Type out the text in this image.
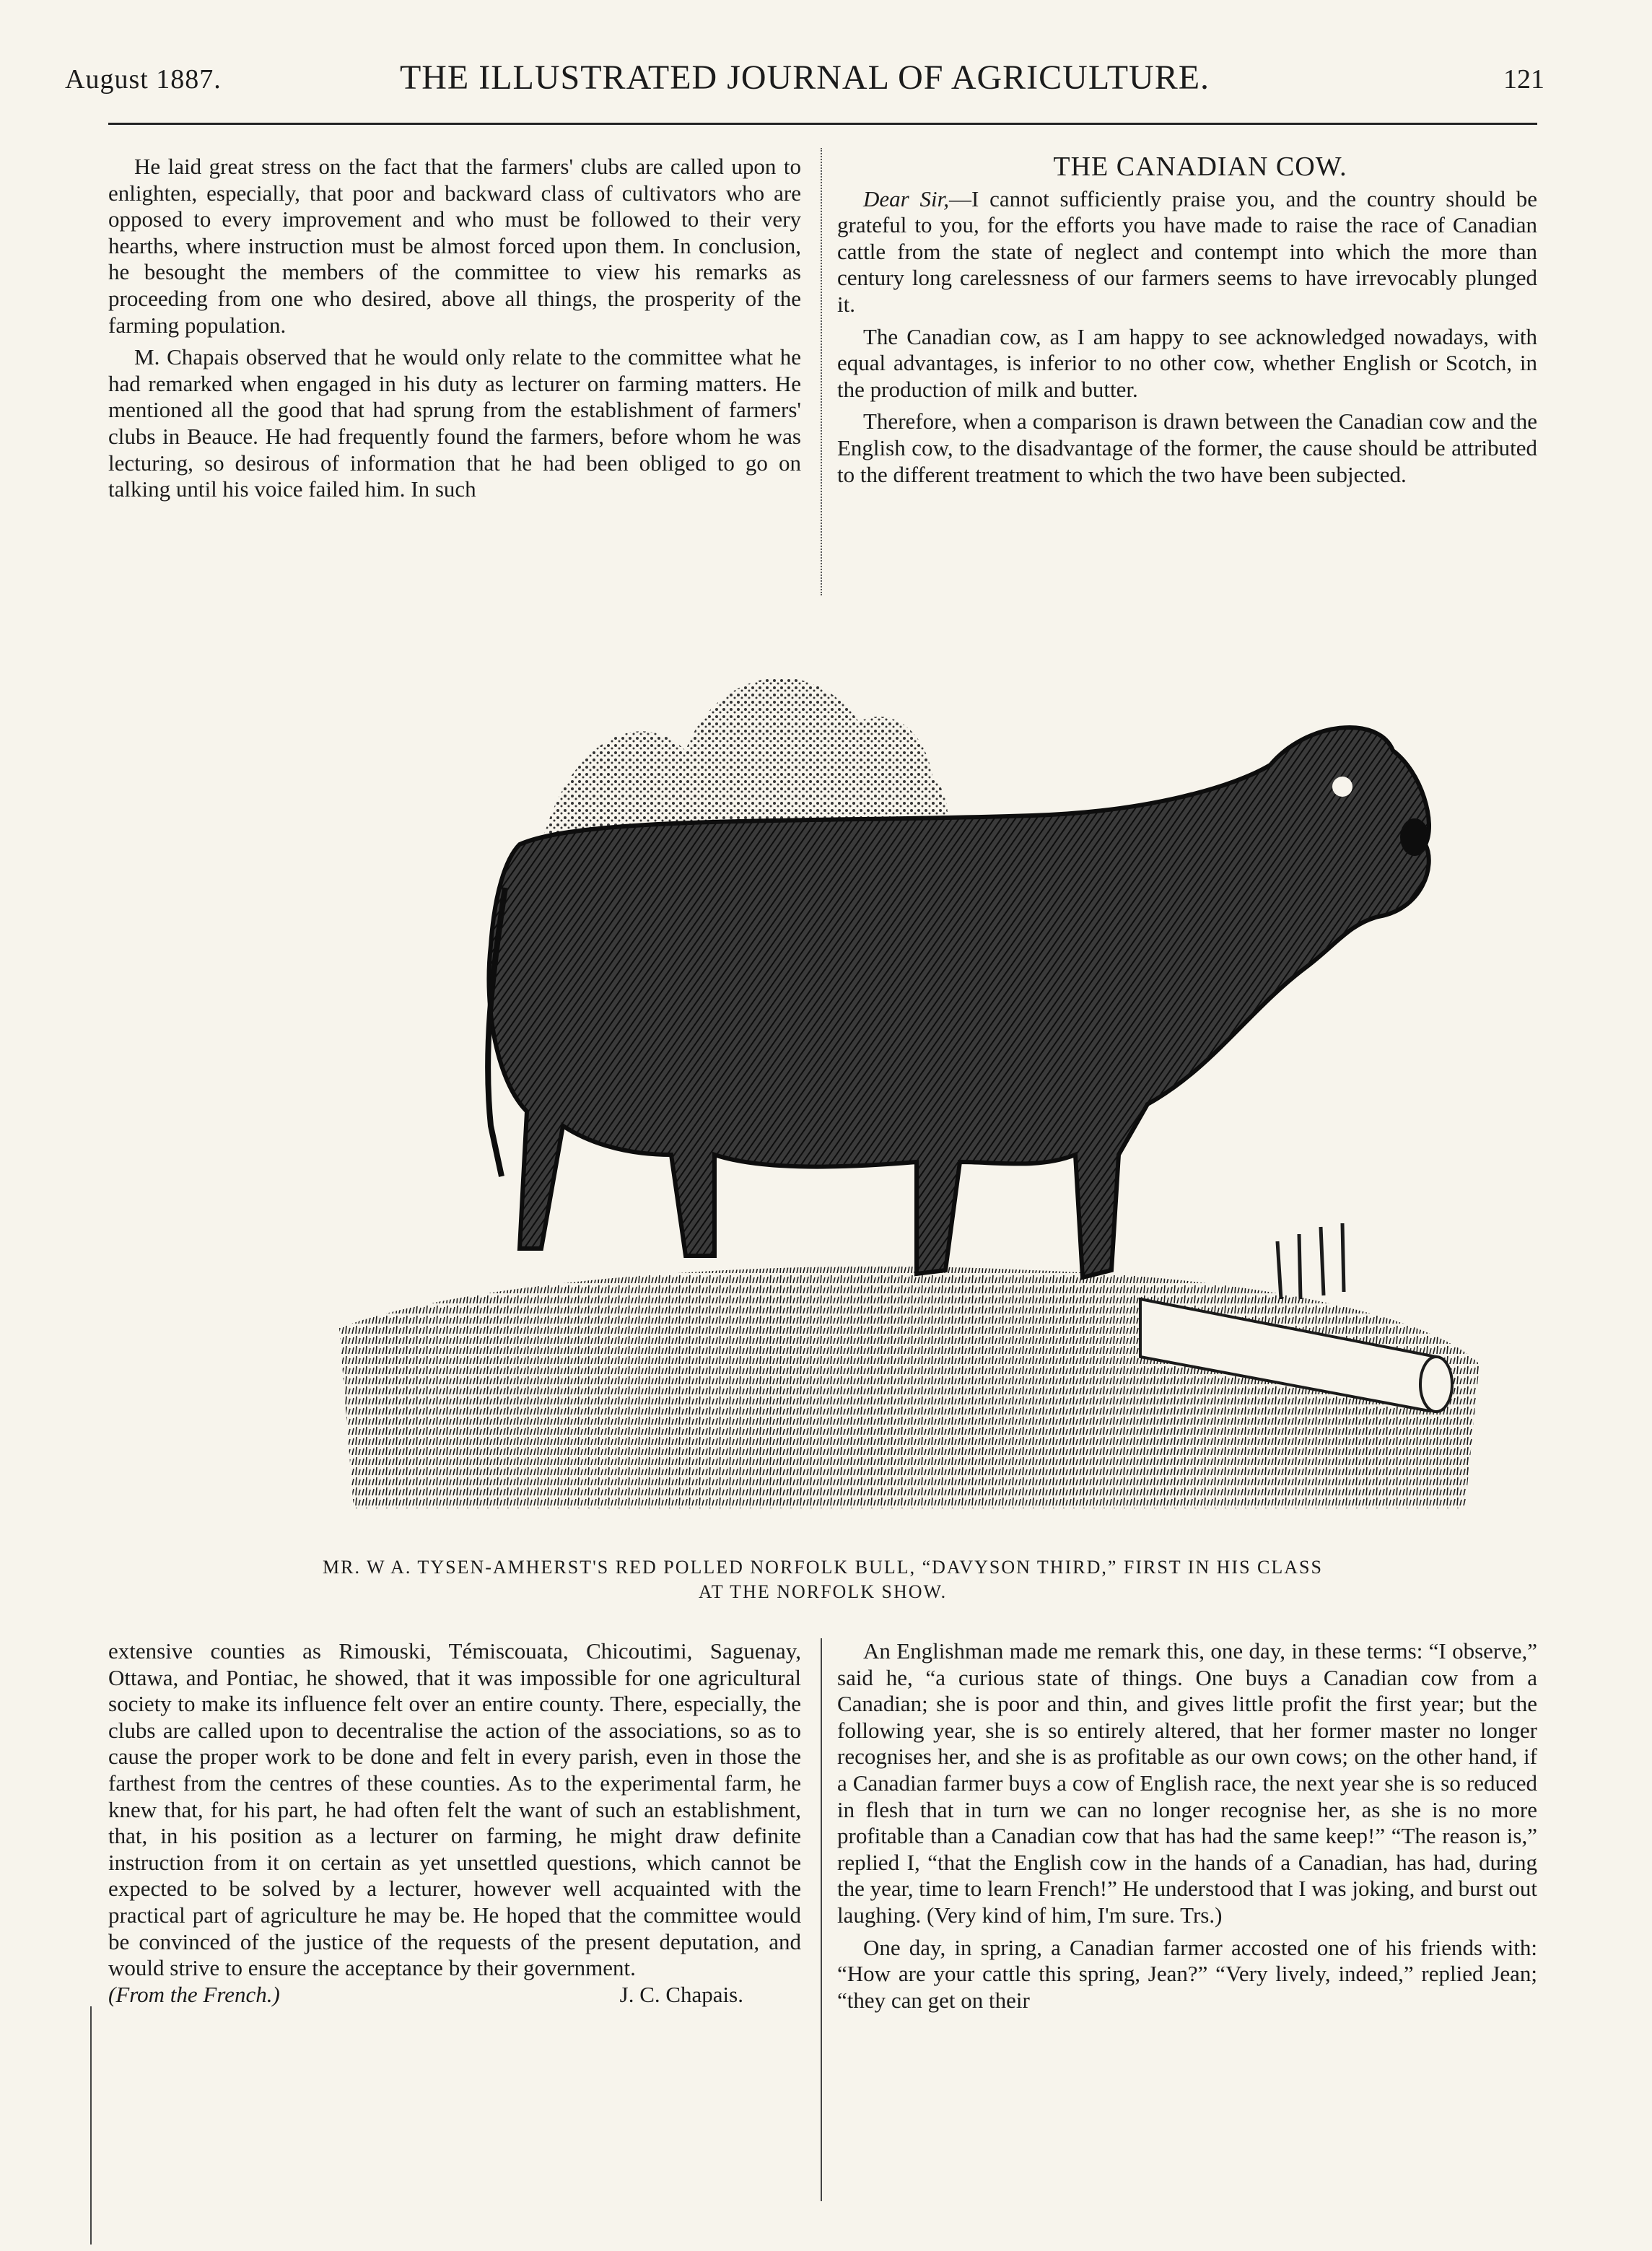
August 1887.	THE ILLUSTRATED JOURNAL OF AGRICULTURE.	121

He laid great stress on the fact that the farmers' clubs are called upon to enlighten, especially, that poor and backward class of cultivators who are opposed to every improvement and who must be followed to their very hearths, where instruction must be almost forced upon them. In conclusion, he besought the members of the committee to view his remarks as proceeding from one who desired, above all things, the prosperity of the farming population.

M. Chapais observed that he would only relate to the committee what he had remarked when engaged in his duty as lecturer on farming matters. He mentioned all the good that had sprung from the establishment of farmers' clubs in Beauce. He had frequently found the farmers, before whom he was lecturing, so desirous of information that he had been obliged to go on talking until his voice failed him. In such

THE CANADIAN COW.

Dear Sir,—I cannot sufficiently praise you, and the country should be grateful to you, for the efforts you have made to raise the race of Canadian cattle from the state of neglect and contempt into which the more than century long carelessness of our farmers seems to have irrevocably plunged it.

The Canadian cow, as I am happy to see acknowledged nowadays, with equal advantages, is inferior to no other cow, whether English or Scotch, in the production of milk and butter.

Therefore, when a comparison is drawn between the Canadian cow and the English cow, to the disadvantage of the former, the cause should be attributed to the different treatment to which the two have been subjected.

MR. W A. TYSEN-AMHERST'S RED POLLED NORFOLK BULL, “DAVYSON THIRD,” FIRST IN HIS CLASS
AT THE NORFOLK SHOW.

extensive counties as Rimouski, Témiscouata, Chicoutimi, Saguenay, Ottawa, and Pontiac, he showed, that it was impossible for one agricultural society to make its influence felt over an entire county. There, especially, the clubs are called upon to decentralise the action of the associations, so as to cause the proper work to be done and felt in every parish, even in those the farthest from the centres of these counties. As to the experimental farm, he knew that, for his part, he had often felt the want of such an establishment, that, in his position as a lecturer on farming, he might draw definite instruction from it on certain as yet unsettled questions, which cannot be expected to be solved by a lecturer, however well acquainted with the practical part of agriculture he may be. He hoped that the committee would be convinced of the justice of the requests of the present deputation, and would strive to ensure the acceptance by their government.

(From the French.)	J. C. Chapais.

An Englishman made me remark this, one day, in these terms: “I observe,” said he, “a curious state of things. One buys a Canadian cow from a Canadian; she is poor and thin, and gives little profit the first year; but the following year, she is so entirely altered, that her former master no longer recognises her, and she is as profitable as our own cows; on the other hand, if a Canadian farmer buys a cow of English race, the next year she is so reduced in flesh that in turn we can no longer recognise her, as she is no more profitable than a Canadian cow that has had the same keep!” “The reason is,” replied I, “that the English cow in the hands of a Canadian, has had, during the year, time to learn French!” He understood that I was joking, and burst out laughing. (Very kind of him, I'm sure. Trs.)

One day, in spring, a Canadian farmer accosted one of his friends with: “How are your cattle this spring, Jean?” “Very lively, indeed,” replied Jean; “they can get on their
